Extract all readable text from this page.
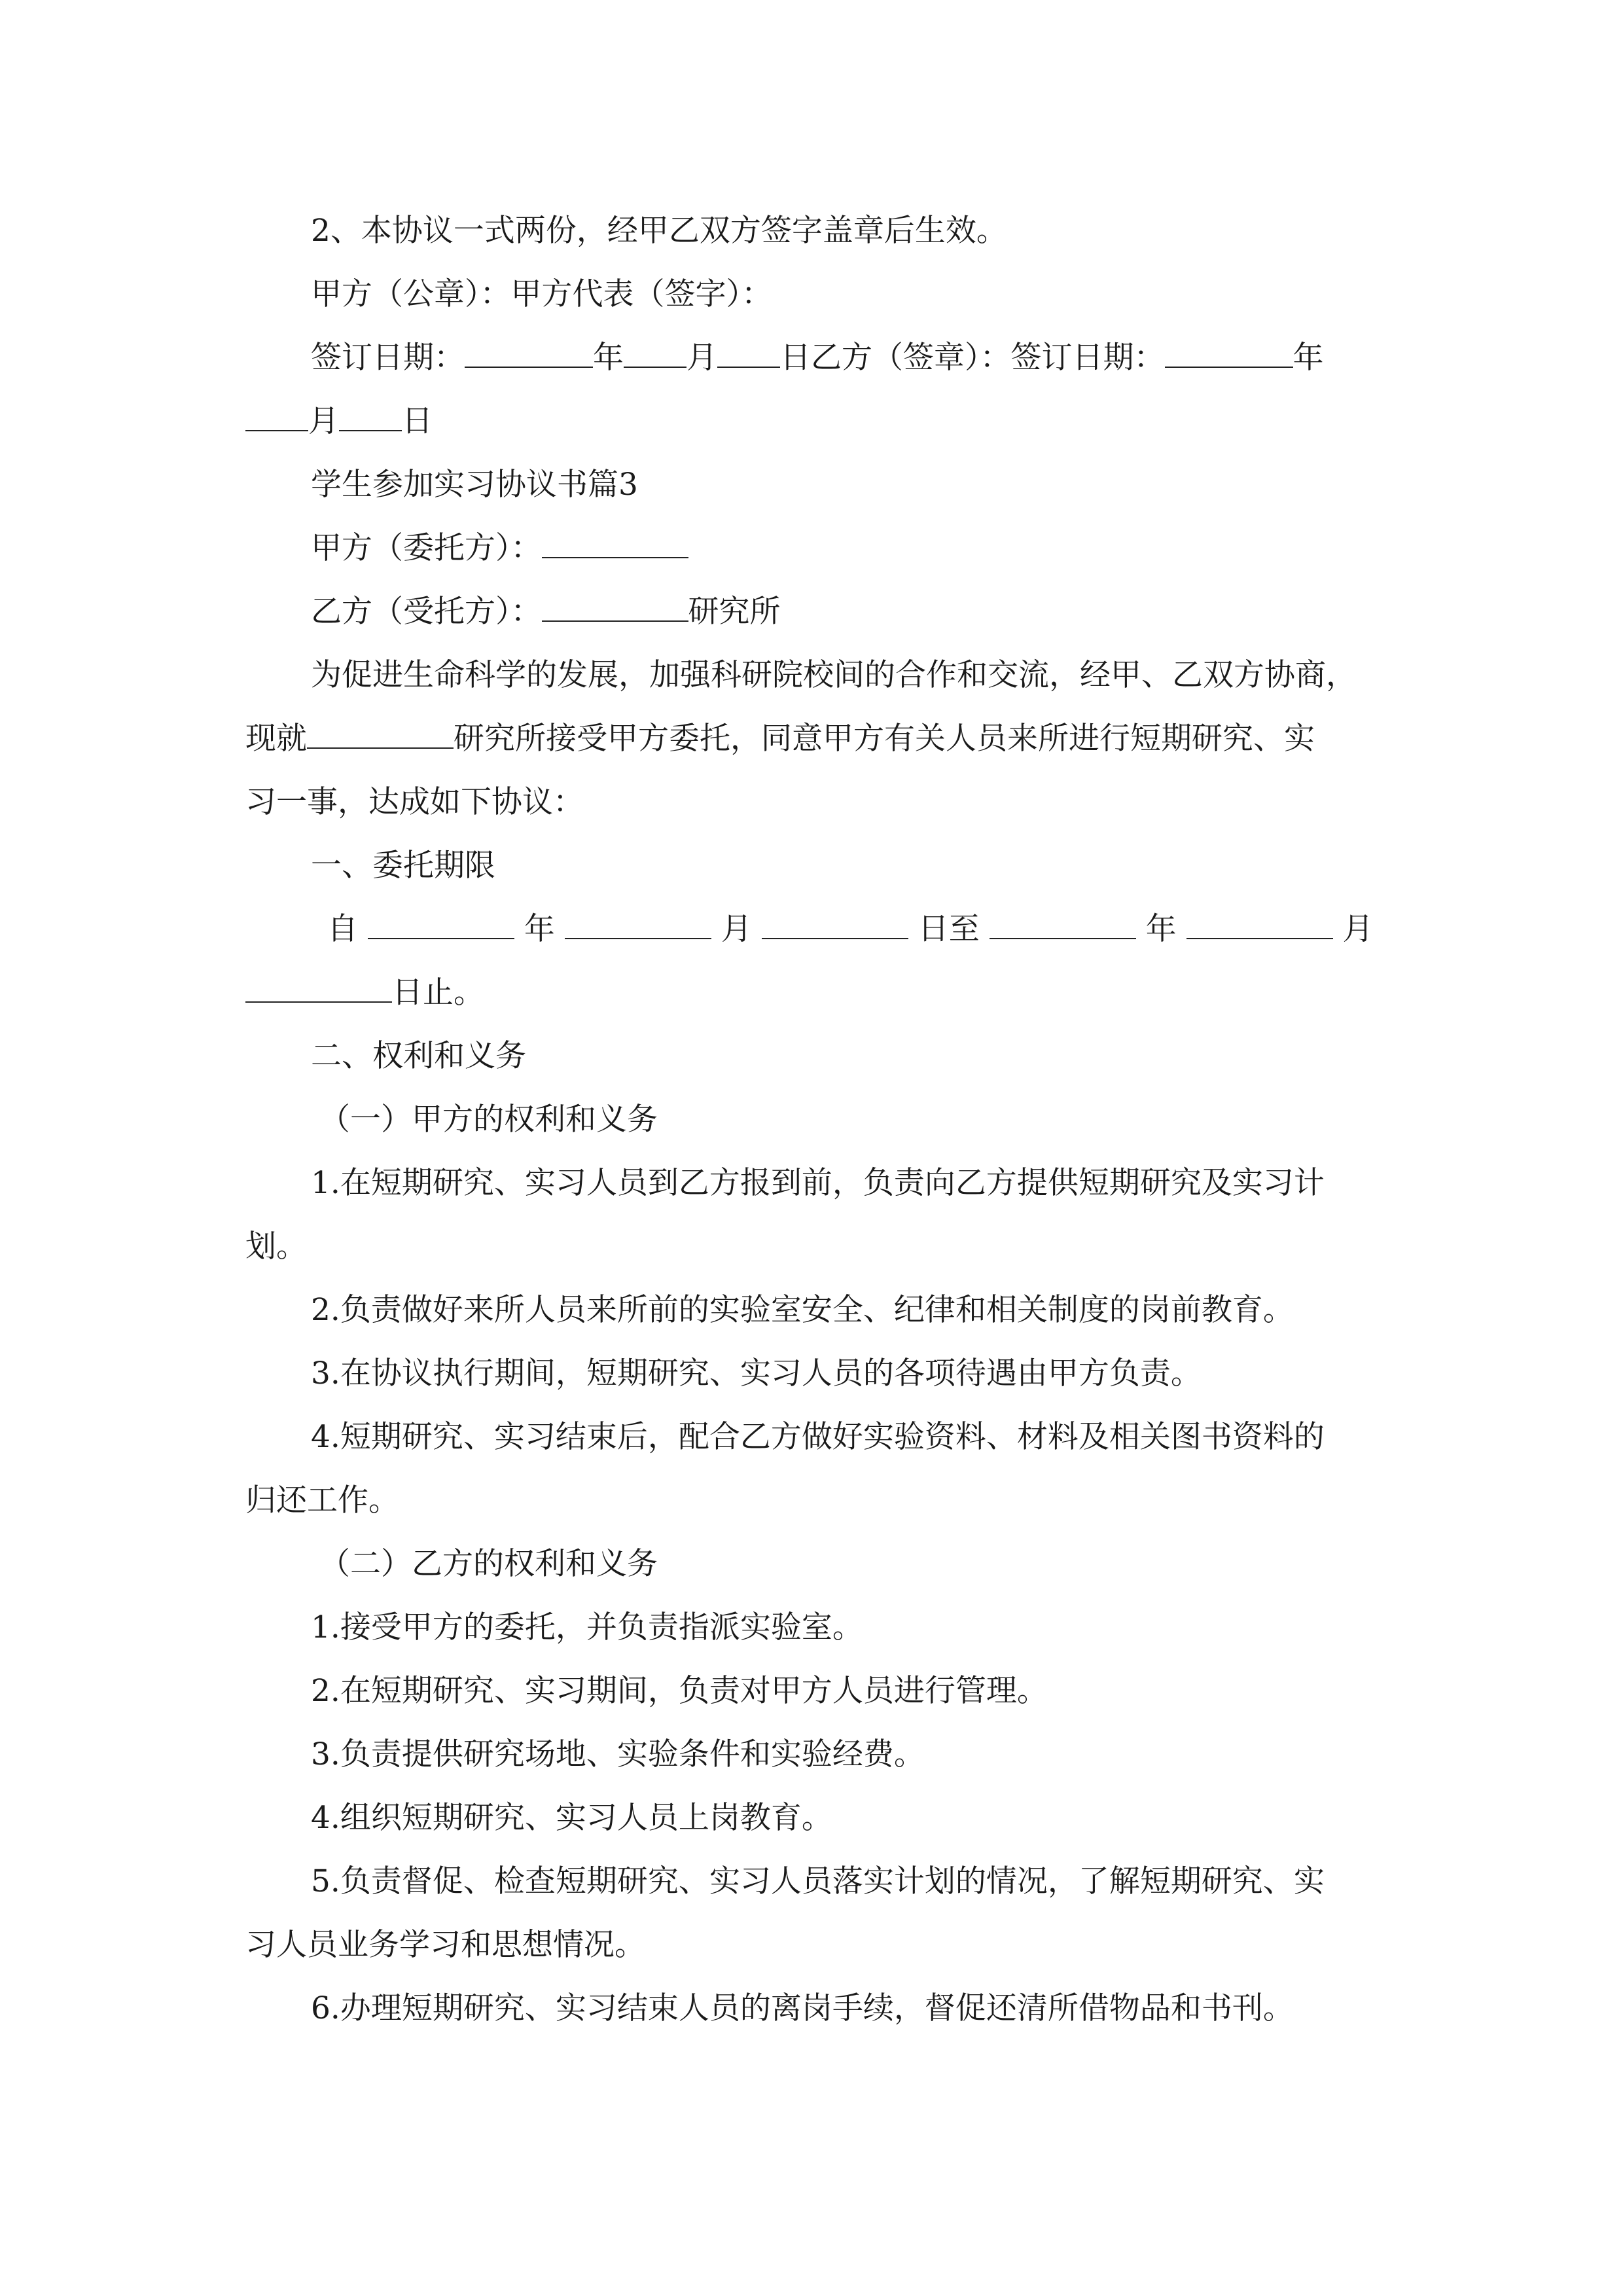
2、本协议一式两份，经甲乙双方签字盖章后生效。
甲方（公章）：甲方代表（签字）：
签订日期：	年 月 日乙方（签章）：签订日期：	年
月 日
学生参加实习协议书篇3
甲方（委托方）：
乙方（受托方）：	研究所
为促进生命科学的发展，加强科研院校间的合作和交流，经甲、乙双方协商，
现就	研究所接受甲方委托，同意甲方有关人员来所进行短期研究、实
习一事，达成如下协议：
一、委托期限
自	年	月	日至	年	月
日止。
二、权利和义务
（一）甲方的权利和义务
1.在短期研究、实习人员到乙方报到前，负责向乙方提供短期研究及实习计
划。
2.负责做好来所人员来所前的实验室安全、纪律和相关制度的岗前教育。
3.在协议执行期间，短期研究、实习人员的各项待遇由甲方负责。
4.短期研究、实习结束后，配合乙方做好实验资料、材料及相关图书资料的
归还工作。
（二）乙方的权利和义务
1.接受甲方的委托，并负责指派实验室。
2.在短期研究、实习期间，负责对甲方人员进行管理。
3.负责提供研究场地、实验条件和实验经费。
4.组织短期研究、实习人员上岗教育。
5.负责督促、检查短期研究、实习人员落实计划的情况，了解短期研究、实
习人员业务学习和思想情况。
6.办理短期研究、实习结束人员的离岗手续，督促还清所借物品和书刊。
